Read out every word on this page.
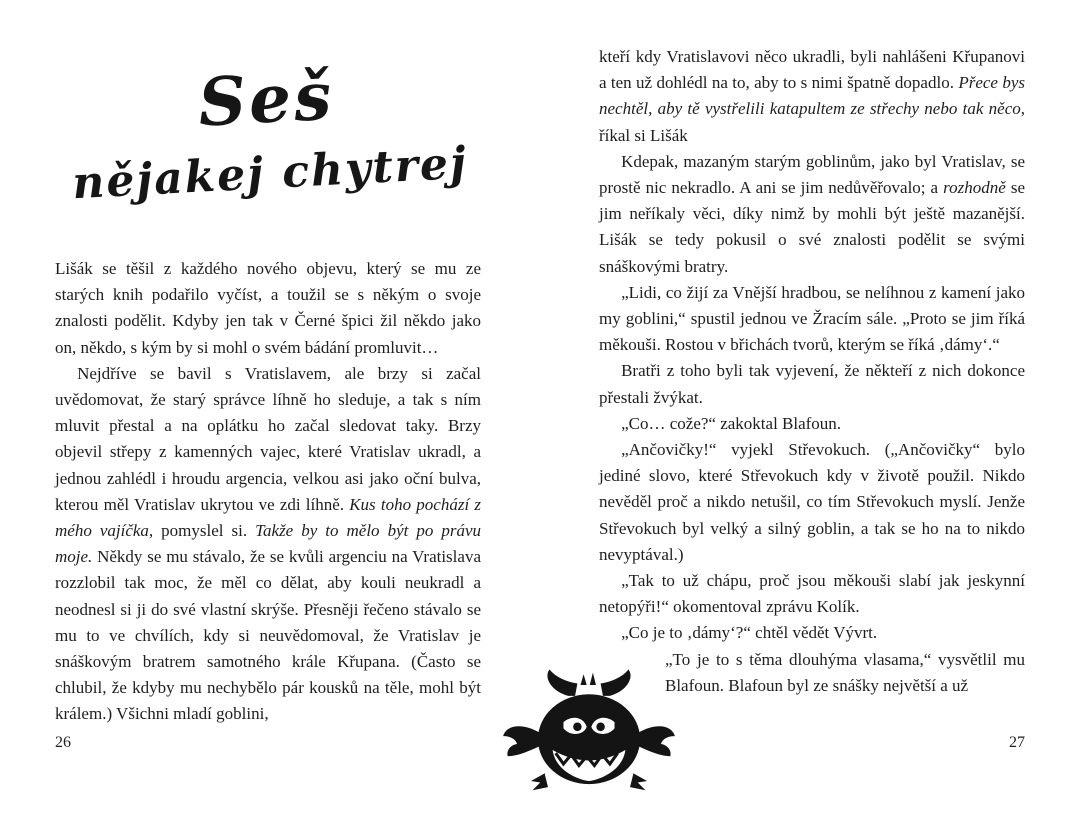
Seš
nějakej chytrej

Lišák se těšil z každého nového objevu, který se mu ze starých knih podařilo vyčíst, a toužil se s někým o svoje znalosti podělit. Kdyby jen tak v Černé špici žil někdo jako on, někdo, s kým by si mohl o svém bádání promluvit…

Nejdříve se bavil s Vratislavem, ale brzy si začal uvědomovat, že starý správce líhně ho sleduje, a tak s ním mluvit přestal a na oplátku ho začal sledovat taky. Brzy objevil střepy z kamenných vajec, které Vratislav ukradl, a jednou zahlédl i hroudu argencia, velkou asi jako oční bulva, kterou měl Vratislav ukrytou ve zdi líhně. Kus toho pochází z mého vajíčka, pomyslel si. Takže by to mělo být po právu moje. Někdy se mu stávalo, že se kvůli argenciu na Vratislava rozzlobil tak moc, že měl co dělat, aby kouli neukradl a neodnesl si ji do své vlastní skrýše. Přesněji řečeno stávalo se mu to ve chvílích, kdy si neuvědomoval, že Vratislav je snáškovým bratrem samotného krále Křupana. (Často se chlubil, že kdyby mu nechybělo pár kousků na těle, mohl být králem.) Všichni mladí goblini,

26

kteří kdy Vratislavovi něco ukradli, byli nahlášeni Křupanovi a ten už dohlédl na to, aby to s nimi špatně dopadlo. Přece bys nechtěl, aby tě vystřelili katapultem ze střechy nebo tak něco, říkal si Lišák

Kdepak, mazaným starým goblinům, jako byl Vratislav, se prostě nic nekradlo. A ani se jim nedůvěřovalo; a rozhodně se jim neříkaly věci, díky nimž by mohli být ještě mazanější. Lišák se tedy pokusil o své znalosti podělit se svými snáškovými bratry.

„Lidi, co žijí za Vnější hradbou, se nelíhnou z kamení jako my goblini,“ spustil jednou ve Žracím sále. „Proto se jim říká měkouši. Rostou v břichách tvorů, kterým se říká ‚dámy‘.“

Bratři z toho byli tak vyjevení, že někteří z nich dokonce přestali žvýkat.

„Co… cože?“ zakoktal Blafoun.

„Ančovičky!“ vyjekl Střevokuch. („Ančovičky“ bylo jediné slovo, které Střevokuch kdy v životě použil. Nikdo nevěděl proč a nikdo netušil, co tím Střevokuch myslí. Jenže Střevokuch byl velký a silný goblin, a tak se ho na to nikdo nevyptával.)

„Tak to už chápu, proč jsou měkouši slabí jak jeskynní netopýři!“ okomentoval zprávu Kolík.

„Co je to ‚dámy‘?“ chtěl vědět Vývrt.

„To je to s těma dlouhýma vlasama,“ vysvětlil mu Blafoun. Blafoun byl ze snášky největší a už

27
